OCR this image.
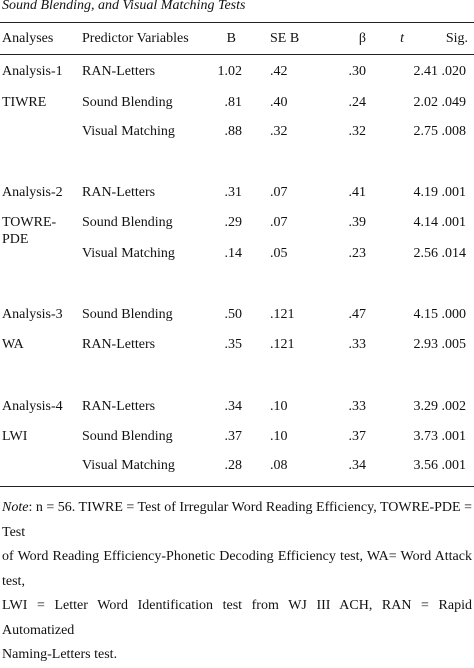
Sound Blending, and Visual Matching Tests
Analyses Predictor Variables	B SE B	β t	Sig.
Analysis-1 RAN-Letters	1.02 .42	.30	2.41 .020
TIWRE	Sound Blending	.81 .40	.24	2.02 .049
Visual Matching	.88 .32	.32	2.75 .008
Analysis-2 RAN-Letters	.31 .07	.41	4.19 .001
TOWRE- Sound Blending	.29 .07	.39	4.14 .001
PDE
Visual Matching	.14 .05	.23	2.56 .014
Analysis-3 Sound Blending	.50 .121	.47	4.15 .000
WA	RAN-Letters	.35 .121	.33	2.93 .005
Analysis-4 RAN-Letters	.34 .10	.33	3.29 .002
LWI	Sound Blending	.37 .10	.37	3.73 .001
Visual Matching	.28 .08	.34	3.56 .001
Note: n = 56. TIWRE = Test of Irregular Word Reading Efficiency, TOWRE-PDE = Test
of Word Reading Efficiency-Phonetic Decoding Efficiency test, WA= Word Attack test,
LWI = Letter Word Identification test from WJ III ACH, RAN = Rapid Automatized
Naming-Letters test.
